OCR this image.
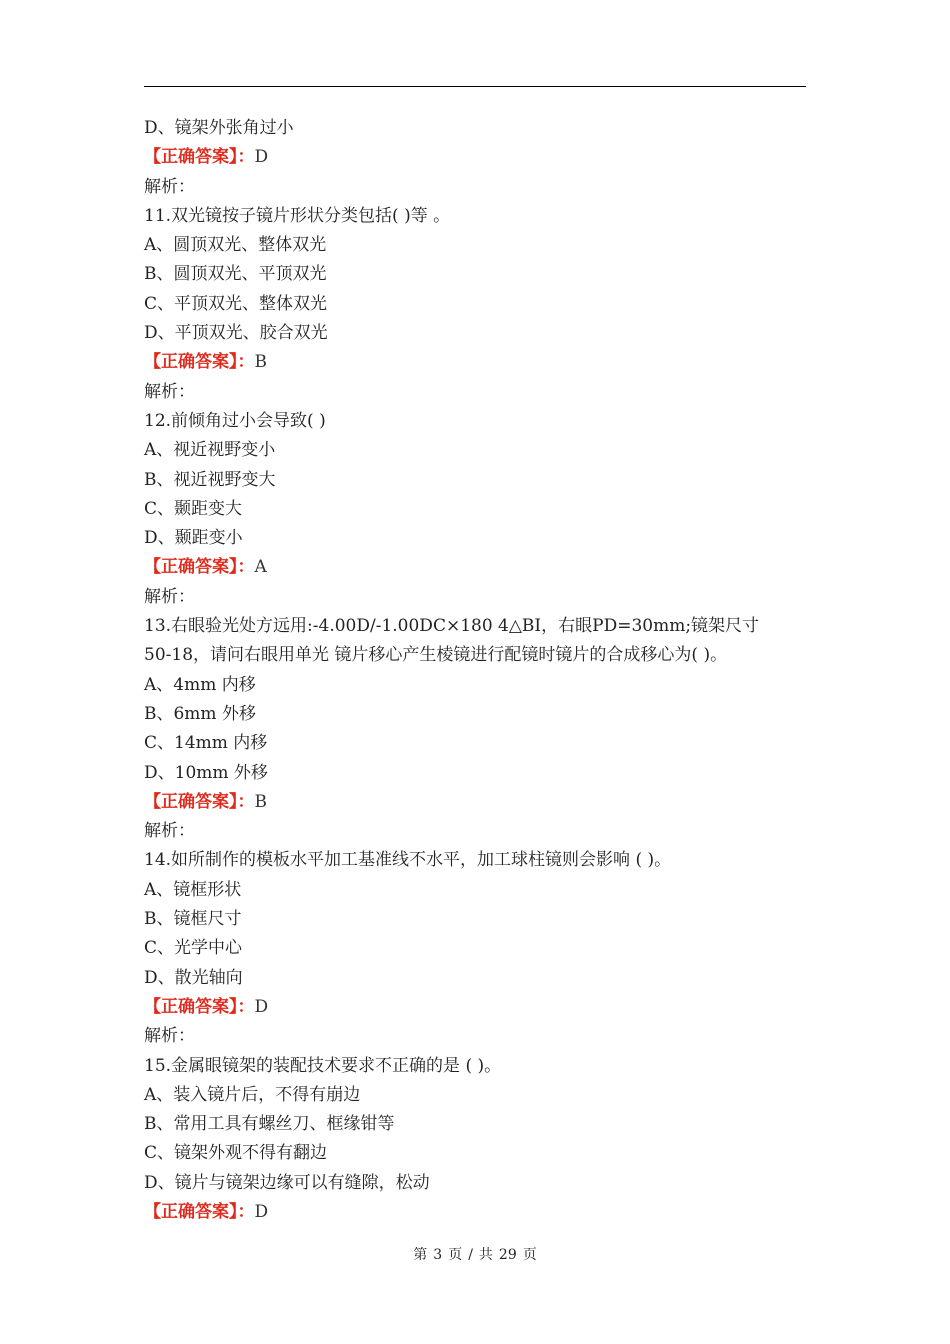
D、镜架外张角过小
【正确答案】：D
解析：
11.双光镜按子镜片形状分类包括( )等 。
A、圆顶双光、整体双光
B、圆顶双光、平顶双光
C、平顶双光、整体双光
D、平顶双光、胶合双光
【正确答案】：B
解析：
12.前倾角过小会导致( )
A、视近视野变小
B、视近视野变大
C、颞距变大
D、颞距变小
【正确答案】：A
解析：
13.右眼验光处方远用:-4.00D/-1.00DC×180 4△BI，右眼PD=30mm;镜架尺寸
50-18，请问右眼用单光 镜片移心产生棱镜进行配镜时镜片的合成移心为( )。
A、4mm 内移
B、6mm 外移
C、14mm 内移
D、10mm 外移
【正确答案】：B
解析：
14.如所制作的模板水平加工基准线不水平，加工球柱镜则会影响 ( )。
A、镜框形状
B、镜框尺寸
C、光学中心
D、散光轴向
【正确答案】：D
解析：
15.金属眼镜架的装配技术要求不正确的是 ( )。
A、装入镜片后，不得有崩边
B、常用工具有螺丝刀、框缘钳等
C、镜架外观不得有翻边
D、镜片与镜架边缘可以有缝隙，松动
【正确答案】：D
第 3 页 / 共 29 页
